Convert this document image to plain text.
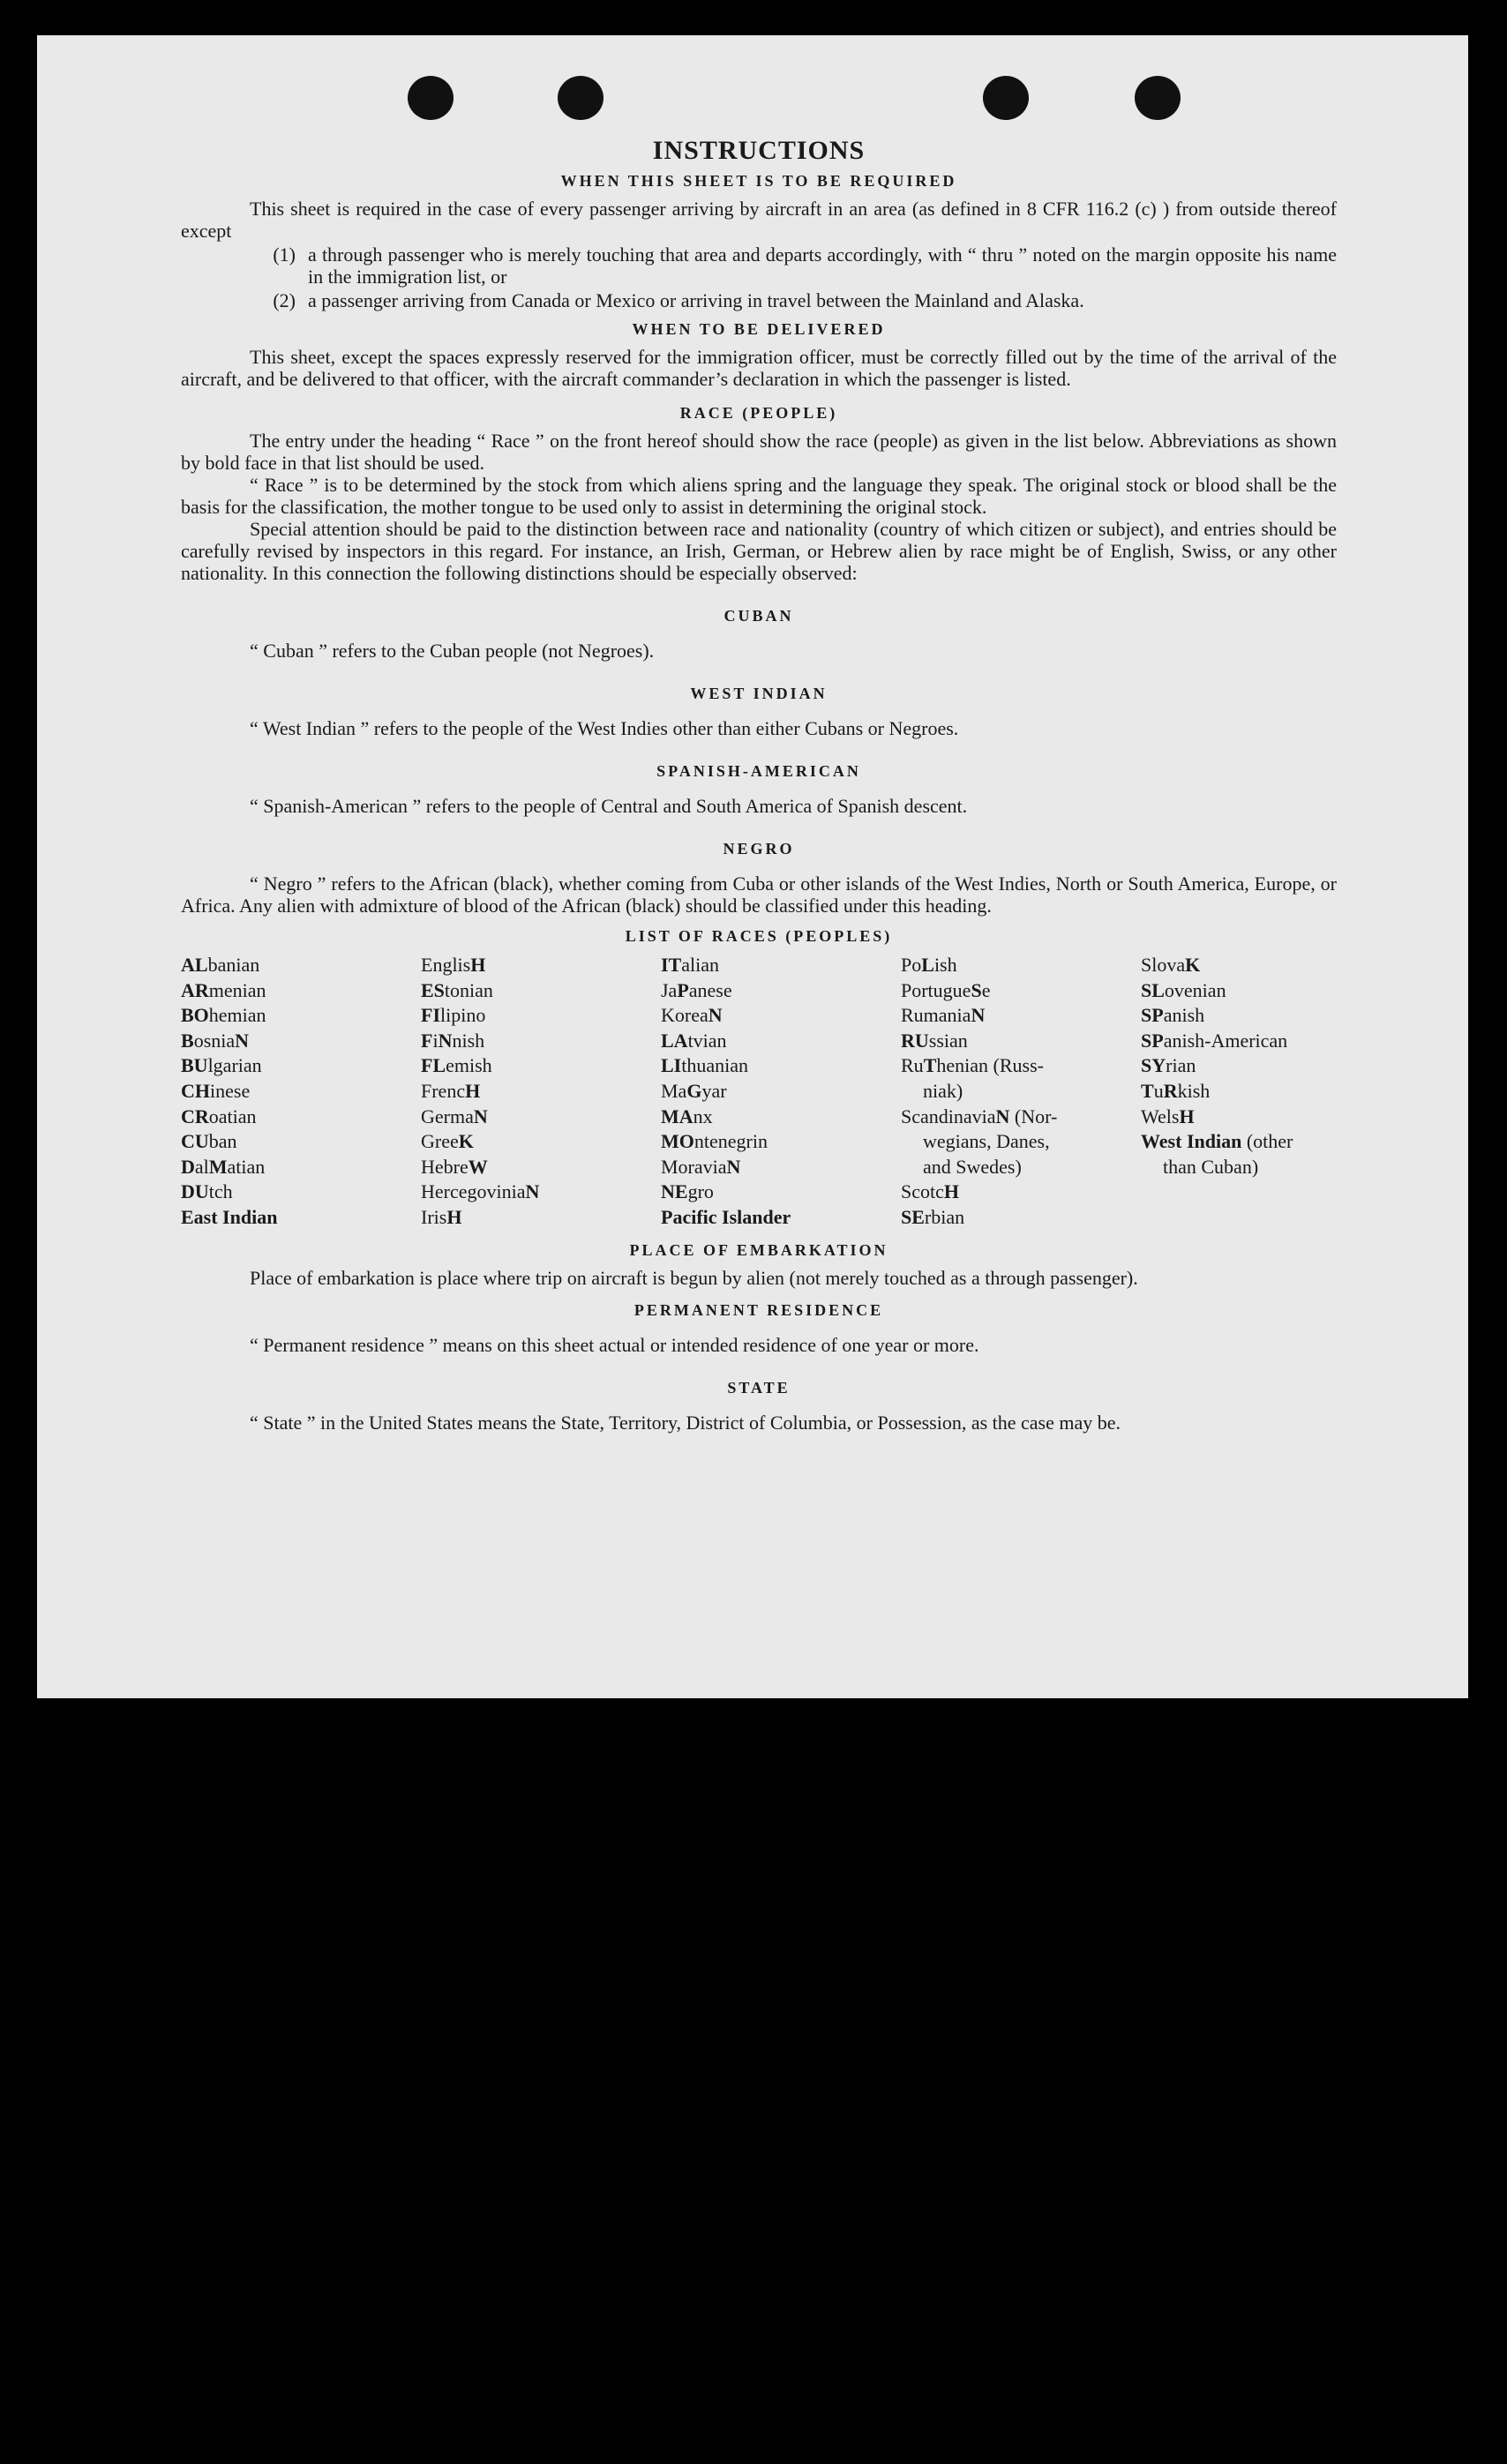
INSTRUCTIONS
WHEN THIS SHEET IS TO BE REQUIRED

This sheet is required in the case of every passenger arriving by aircraft in an area (as defined in 8 CFR 116.2 (c) ) from outside thereof except

(1) a through passenger who is merely touching that area and departs accordingly, with “ thru ” noted on the margin opposite his name in the immigration list, or
(2) a passenger arriving from Canada or Mexico or arriving in travel between the Mainland and Alaska.
WHEN TO BE DELIVERED

This sheet, except the spaces expressly reserved for the immigration officer, must be correctly filled out by the time of the arrival of the aircraft, and be delivered to that officer, with the aircraft commander’s declaration in which the passenger is listed.

RACE (PEOPLE)

The entry under the heading “ Race ” on the front hereof should show the race (people) as given in the list below. Abbreviations as shown by bold face in that list should be used.

“ Race ” is to be determined by the stock from which aliens spring and the language they speak. The original stock or blood shall be the basis for the classification, the mother tongue to be used only to assist in determining the original stock.

Special attention should be paid to the distinction between race and nationality (country of which citizen or subject), and entries should be carefully revised by inspectors in this regard. For instance, an Irish, German, or Hebrew alien by race might be of English, Swiss, or any other nationality. In this connection the following distinctions should be especially observed:

CUBAN

“ Cuban ” refers to the Cuban people (not Negroes).

WEST INDIAN

“ West Indian ” refers to the people of the West Indies other than either Cubans or Negroes.

SPANISH-AMERICAN

“ Spanish-American ” refers to the people of Central and South America of Spanish descent.

NEGRO

“ Negro ” refers to the African (black), whether coming from Cuba or other islands of the West Indies, North or South America, Europe, or Africa. Any alien with admixture of blood of the African (black) should be classified under this heading.

LIST OF RACES (PEOPLES)
ALbanian
ARmenian
BOhemian
BosniaN
BUlgarian
CHinese
CRoatian
CUban
DalMatian
DUtch
East Indian
EnglisH
EStonian
FIlipino
FiNnish
FLemish
FrencH
GermaN
GreeK
HebreW
HercegoviniaN
IrisH
ITalian
JaPanese
KoreaN
LAtvian
LIthuanian
MaGyar
MAnx
MOntenegrin
MoraviaN
NEgro
Pacific Islander
PoLish
PortugueSe
RumaniaN
RUssian
RuThenian (Russ-
niak)
ScandinaviaN (Nor-
wegians, Danes,
and Swedes)
ScotcH
SErbian
SlovaK
SLovenian
SPanish
SPanish-American
SYrian
TuRkish
WelsH
West Indian (other
than Cuban)
PLACE OF EMBARKATION

Place of embarkation is place where trip on aircraft is begun by alien (not merely touched as a through passenger).

PERMANENT RESIDENCE

“ Permanent residence ” means on this sheet actual or intended residence of one year or more.

STATE

“ State ” in the United States means the State, Territory, District of Columbia, or Possession, as the case may be.
